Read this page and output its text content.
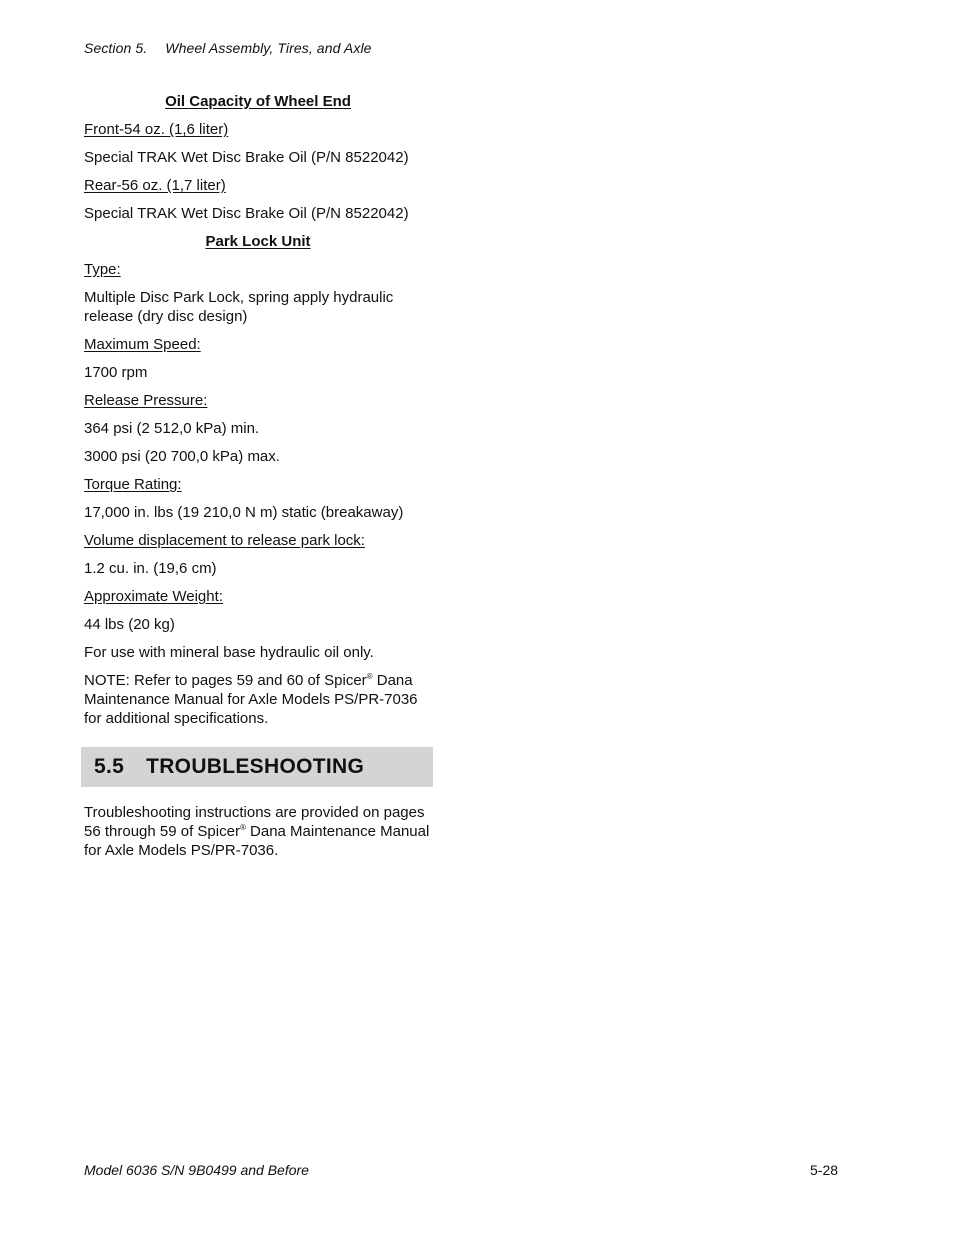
Section 5. Wheel Assembly, Tires, and Axle

Oil Capacity of Wheel End

Front-54 oz. (1,6 liter)

Special TRAK Wet Disc Brake Oil (P/N 8522042)

Rear-56 oz. (1,7 liter)

Special TRAK Wet Disc Brake Oil (P/N 8522042)

Park Lock Unit

Type:

Multiple Disc Park Lock, spring apply hydraulic release (dry disc design)

Maximum Speed:

1700 rpm

Release Pressure:

364 psi (2 512,0 kPa) min.

3000 psi (20 700,0 kPa) max.

Torque Rating:

17,000 in. lbs (19 210,0 N m) static (breakaway)

Volume displacement to release park lock:

1.2 cu. in. (19,6 cm)

Approximate Weight:

44 lbs (20 kg)

For use with mineral base hydraulic oil only.

NOTE: Refer to pages 59 and 60 of Spicer® Dana Maintenance Manual for Axle Models PS/PR-7036 for additional specifications.

5.5 TROUBLESHOOTING

Troubleshooting instructions are provided on pages 56 through 59 of Spicer® Dana Maintenance Manual for Axle Models PS/PR-7036.

Model 6036 S/N 9B0499 and Before	5-28
